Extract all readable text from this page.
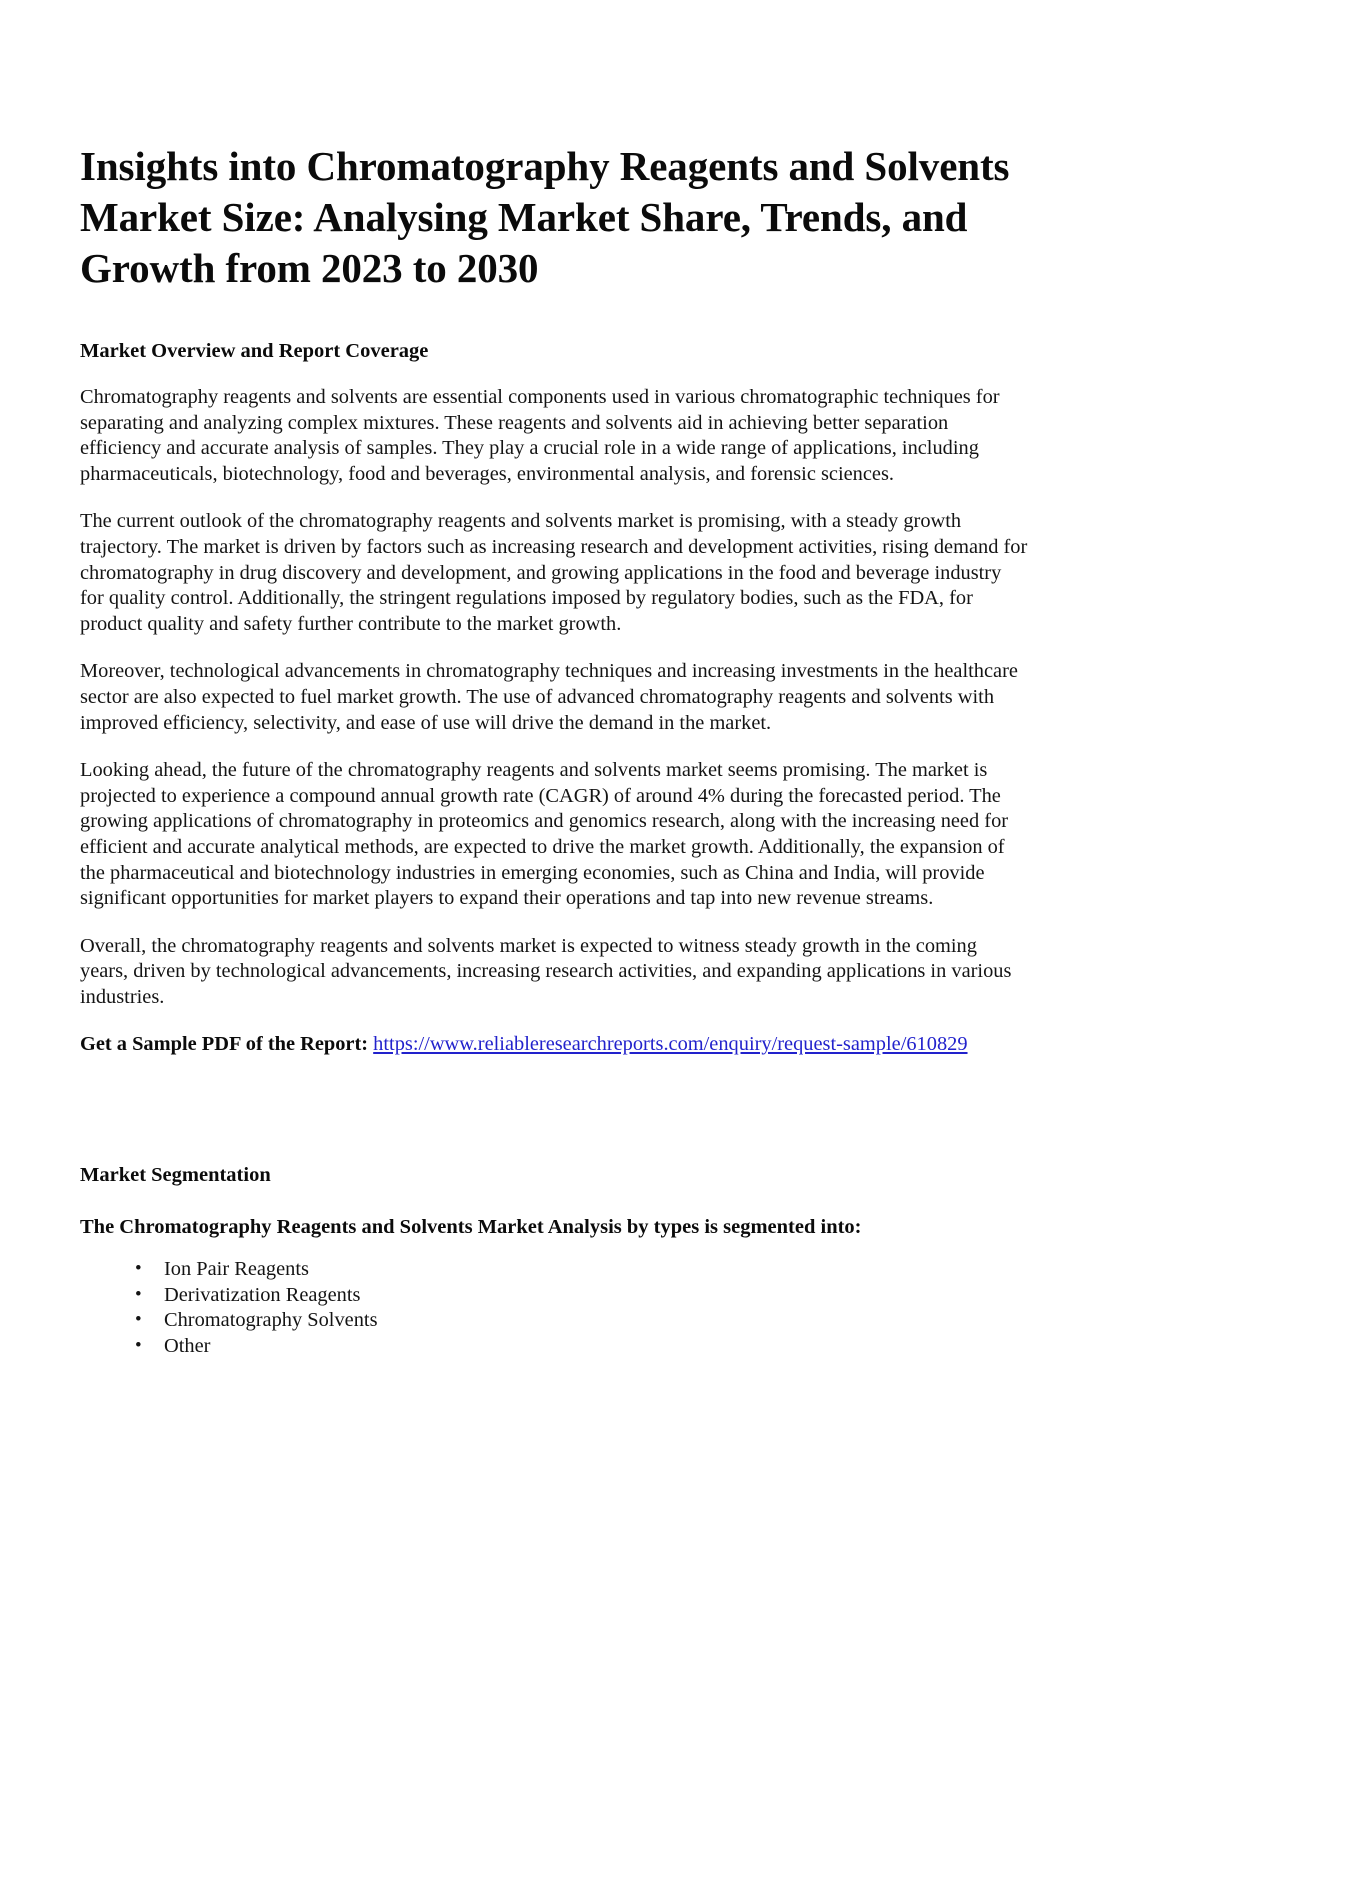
Insights into Chromatography Reagents and Solvents Market Size: Analysing Market Share, Trends, and Growth from 2023 to 2030
Market Overview and Report Coverage

Chromatography reagents and solvents are essential components used in various chromatographic techniques for separating and analyzing complex mixtures. These reagents and solvents aid in achieving better separation efficiency and accurate analysis of samples. They play a crucial role in a wide range of applications, including pharmaceuticals, biotechnology, food and beverages, environmental analysis, and forensic sciences.

The current outlook of the chromatography reagents and solvents market is promising, with a steady growth trajectory. The market is driven by factors such as increasing research and development activities, rising demand for chromatography in drug discovery and development, and growing applications in the food and beverage industry for quality control. Additionally, the stringent regulations imposed by regulatory bodies, such as the FDA, for product quality and safety further contribute to the market growth.

Moreover, technological advancements in chromatography techniques and increasing investments in the healthcare sector are also expected to fuel market growth. The use of advanced chromatography reagents and solvents with improved efficiency, selectivity, and ease of use will drive the demand in the market.

Looking ahead, the future of the chromatography reagents and solvents market seems promising. The market is projected to experience a compound annual growth rate (CAGR) of around 4% during the forecasted period. The growing applications of chromatography in proteomics and genomics research, along with the increasing need for efficient and accurate analytical methods, are expected to drive the market growth. Additionally, the expansion of the pharmaceutical and biotechnology industries in emerging economies, such as China and India, will provide significant opportunities for market players to expand their operations and tap into new revenue streams.

Overall, the chromatography reagents and solvents market is expected to witness steady growth in the coming years, driven by technological advancements, increasing research activities, and expanding applications in various industries.

Get a Sample PDF of the Report: https://www.reliableresearchreports.com/enquiry/request-sample/610829

Market Segmentation
The Chromatography Reagents and Solvents Market Analysis by types is segmented into:
• Ion Pair Reagents
• Derivatization Reagents
• Chromatography Solvents
• Other
